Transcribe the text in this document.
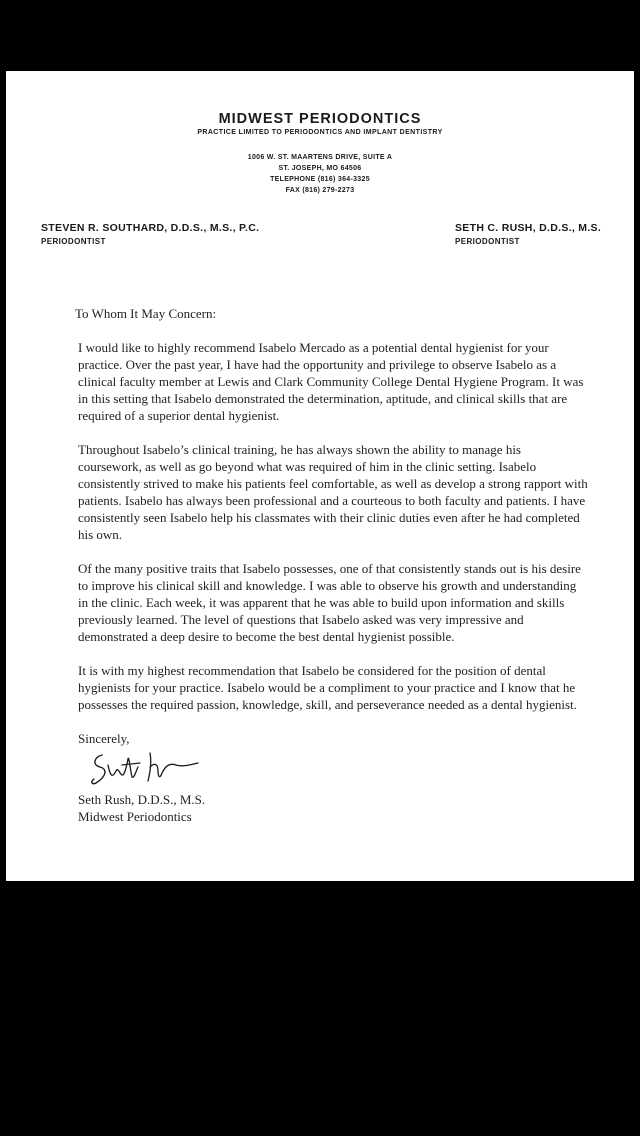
MIDWEST PERIODONTICS
PRACTICE LIMITED TO PERIODONTICS AND IMPLANT DENTISTRY
1006 W. ST. MAARTENS DRIVE, SUITE A
ST. JOSEPH, MO 64506
TELEPHONE (816) 364-3325
FAX (816) 279-2273
STEVEN R. SOUTHARD, D.D.S., M.S., P.C.
PERIODONTIST
SETH C. RUSH, D.D.S., M.S.
PERIODONTIST

To Whom It May Concern:

I would like to highly recommend Isabelo Mercado as a potential dental hygienist for your practice. Over the past year, I have had the opportunity and privilege to observe Isabelo as a clinical faculty member at Lewis and Clark Community College Dental Hygiene Program. It was in this setting that Isabelo demonstrated the determination, aptitude, and clinical skills that are required of a superior dental hygienist.

Throughout Isabelo’s clinical training, he has always shown the ability to manage his coursework, as well as go beyond what was required of him in the clinic setting. Isabelo consistently strived to make his patients feel comfortable, as well as develop a strong rapport with patients. Isabelo has always been professional and a courteous to both faculty and patients. I have consistently seen Isabelo help his classmates with their clinic duties even after he had completed his own.

Of the many positive traits that Isabelo possesses, one of that consistently stands out is his desire to improve his clinical skill and knowledge. I was able to observe his growth and understanding in the clinic. Each week, it was apparent that he was able to build upon information and skills previously learned. The level of questions that Isabelo asked was very impressive and demonstrated a deep desire to become the best dental hygienist possible.

It is with my highest recommendation that Isabelo be considered for the position of dental hygienists for your practice. Isabelo would be a compliment to your practice and I know that he possesses the required passion, knowledge, skill, and perseverance needed as a dental hygienist.

Sincerely,

Seth Rush, D.D.S., M.S.

Midwest Periodontics
